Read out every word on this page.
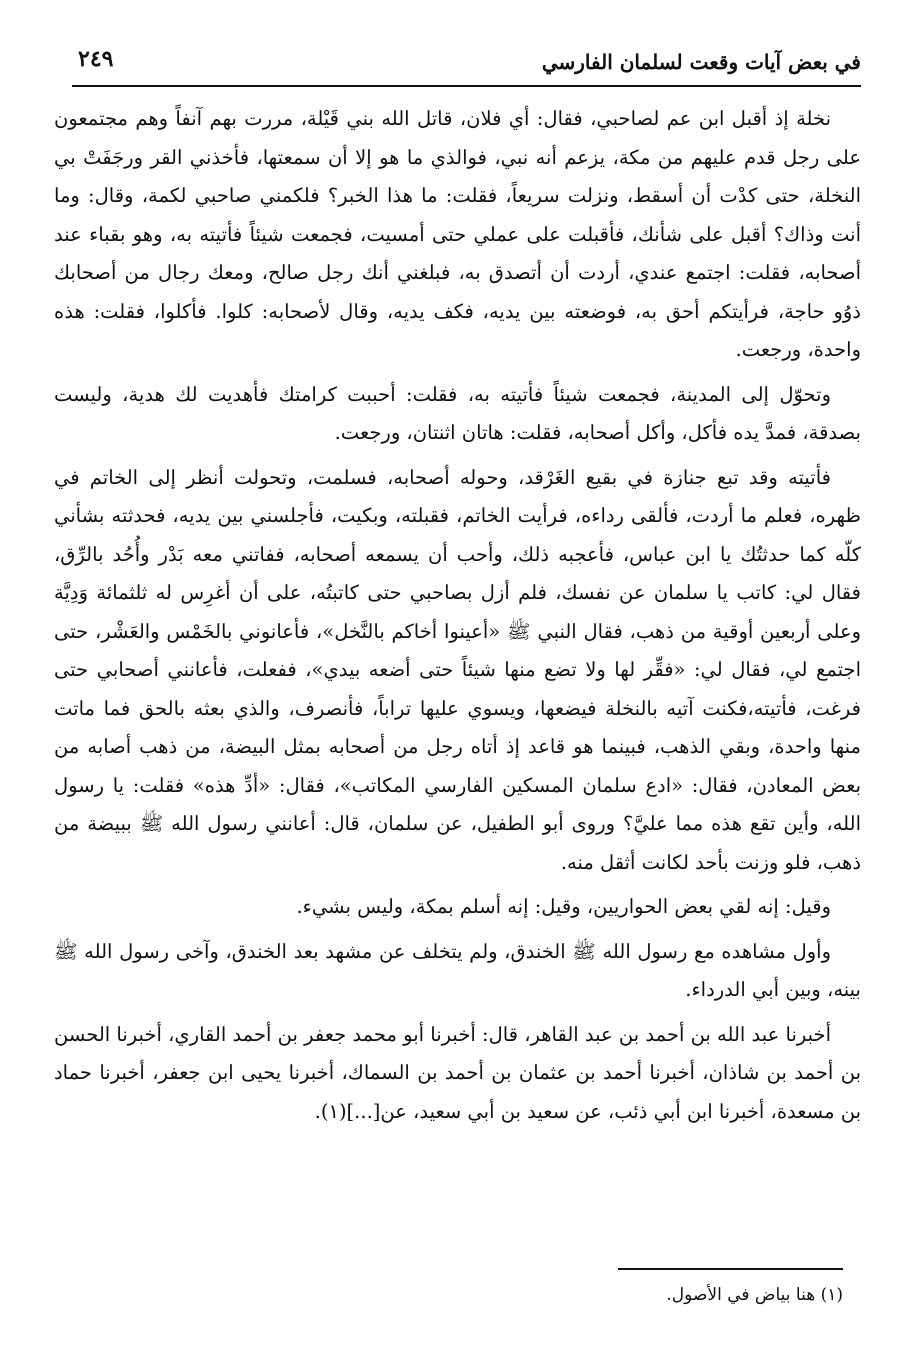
في بعض آيات وقعت لسلمان الفارسي
٢٤٩

نخلة إذ أقبل ابن عم لصاحبي، فقال: أي فلان، قاتل الله بني قَيْلة، مررت بهم آنفاً وهم مجتمعون على رجل قدم عليهم من مكة، يزعم أنه نبي، فوالذي ما هو إلا أن سمعتها، فأخذني القر ورجَفَتْ بي النخلة، حتى كدْت أن أسقط، ونزلت سريعاً، فقلت: ما هذا الخبر؟ فلكمني صاحبي لكمة، وقال: وما أنت وذاك؟ أقبل على شأنك، فأقبلت على عملي حتى أمسيت، فجمعت شيئاً فأتيته به، وهو بقباء عند أصحابه، فقلت: اجتمع عندي، أردت أن أتصدق به، فبلغني أنك رجل صالح، ومعك رجال من أصحابك ذوُو حاجة، فرأيتكم أحق به، فوضعته بين يديه، فكف يديه، وقال لأصحابه: كلوا. فأكلوا، فقلت: هذه واحدة، ورجعت.

وتحوّل إلى المدينة، فجمعت شيئاً فأتيته به، فقلت: أحببت كرامتك فأهديت لك هدية، وليست بصدقة، فمدَّ يده فأكل، وأكل أصحابه، فقلت: هاتان اثنتان، ورجعت.

فأتيته وقد تبع جنازة في بقيع الغَرْقد، وحوله أصحابه، فسلمت، وتحولت أنظر إلى الخاتم في ظهره، فعلم ما أردت، فألقى رداءه، فرأيت الخاتم، فقبلته، وبكيت، فأجلسني بين يديه، فحدثته بشأني كلّه كما حدثتُك يا ابن عباس، فأعجبه ذلك، وأحب أن يسمعه أصحابه، ففاتني معه بَدْر وأُحُد بالرِّق، فقال لي: كاتب يا سلمان عن نفسك، فلم أزل بصاحبي حتى كاتبتُه، على أن أغرِس له ثلثمائة وَدِيَّة وعلى أربعين أوقية من ذهب، فقال النبي ﷺ «أعينوا أخاكم بالنَّخل»، فأعانوني بالخَمْس والعَشْر، حتى اجتمع لي، فقال لي: «فقِّر لها ولا تضع منها شيئاً حتى أضعه بيدي»، ففعلت، فأعانني أصحابي حتى فرغت، فأتيته،فكنت آتيه بالنخلة فيضعها، ويسوي عليها تراباً، فأنصرف، والذي بعثه بالحق فما ماتت منها واحدة، وبقي الذهب، فبينما هو قاعد إذ أتاه رجل من أصحابه بمثل البيضة، من ذهب أصابه من بعض المعادن، فقال: «ادع سلمان المسكين الفارسي المكاتب»، فقال: «أدِّ هذه» فقلت: يا رسول الله، وأين تقع هذه مما عليَّ؟ وروى أبو الطفيل، عن سلمان، قال: أعانني رسول الله ﷺ ببيضة من ذهب، فلو وزنت بأحد لكانت أثقل منه.

وقيل: إنه لقي بعض الحواريين، وقيل: إنه أسلم بمكة، وليس بشيء.

وأول مشاهده مع رسول الله ﷺ الخندق، ولم يتخلف عن مشهد بعد الخندق، وآخى رسول الله ﷺ بينه، وبين أبي الدرداء.

أخبرنا عبد الله بن أحمد بن عبد القاهر، قال: أخبرنا أبو محمد جعفر بن أحمد القاري، أخبرنا الحسن بن أحمد بن شاذان، أخبرنا أحمد بن عثمان بن أحمد بن السماك، أخبرنا يحيى ابن جعفر، أخبرنا حماد بن مسعدة، أخبرنا ابن أبي ذئب، عن سعيد بن أبي سعيد، عن[...](١).

(١) هنا بياض في الأصول.
